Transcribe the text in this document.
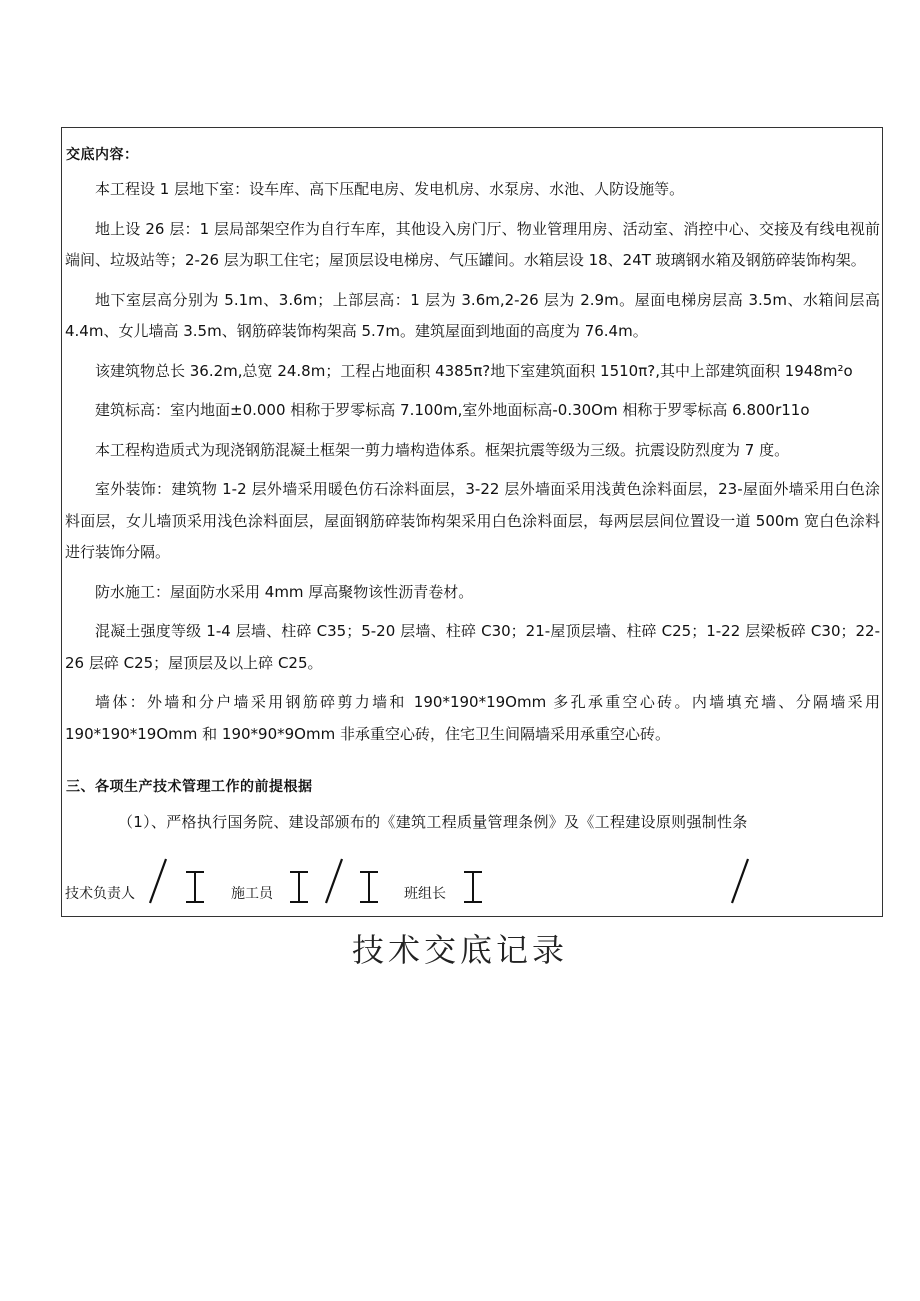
交底内容：

本工程设 1 层地下室：设车库、高下压配电房、发电机房、水泵房、水池、人防设施等。

地上设 26 层：1 层局部架空作为自行车库，其他设入房门厅、物业管理用房、活动室、消控中心、交接及有线电视前端间、垃圾站等；2-26 层为职工住宅；屋顶层设电梯房、气压罐间。水箱层设 18、24T 玻璃钢水箱及钢筋碎装饰构架。

地下室层高分别为 5.1m、3.6m；上部层高：1 层为 3.6m,2-26 层为 2.9m。屋面电梯房层高 3.5m、水箱间层高 4.4m、女儿墙高 3.5m、钢筋碎装饰构架高 5.7m。建筑屋面到地面的高度为 76.4m。

该建筑物总长 36.2m,总宽 24.8m；工程占地面积 4385π?地下室建筑面积 1510π?,其中上部建筑面积 1948m²o

建筑标高：室内地面±0.000 相称于罗零标高 7.100m,室外地面标高-0.30Om 相称于罗零标高 6.800r11o

本工程构造质式为现浇钢筋混凝土框架一剪力墙构造体系。框架抗震等级为三级。抗震设防烈度为 7 度。

室外装饰：建筑物 1-2 层外墙采用暖色仿石涂料面层，3-22 层外墙面采用浅黄色涂料面层，23-屋面外墙采用白色涂料面层，女儿墙顶采用浅色涂料面层，屋面钢筋碎装饰构架采用白色涂料面层，每两层层间位置设一道 500m 宽白色涂料进行装饰分隔。

防水施工：屋面防水采用 4mm 厚高聚物该性沥青卷材。

混凝土强度等级 1-4 层墙、柱碎 C35；5-20 层墙、柱碎 C30；21-屋顶层墙、柱碎 C25；1-22 层梁板碎 C30；22-26 层碎 C25；屋顶层及以上碎 C25。

墙体：外墙和分户墙采用钢筋碎剪力墙和 190*190*19Omm 多孔承重空心砖。内墙填充墙、分隔墙采用 190*190*19Omm 和 190*90*9Omm 非承重空心砖，住宅卫生间隔墙采用承重空心砖。

三、各项生产技术管理工作的前提根据
（1）、严格执行国务院、建设部颁布的《建筑工程质量管理条例》及《工程建设原则强制性条
技术负责人	施工员	班组长
技术交底记录
